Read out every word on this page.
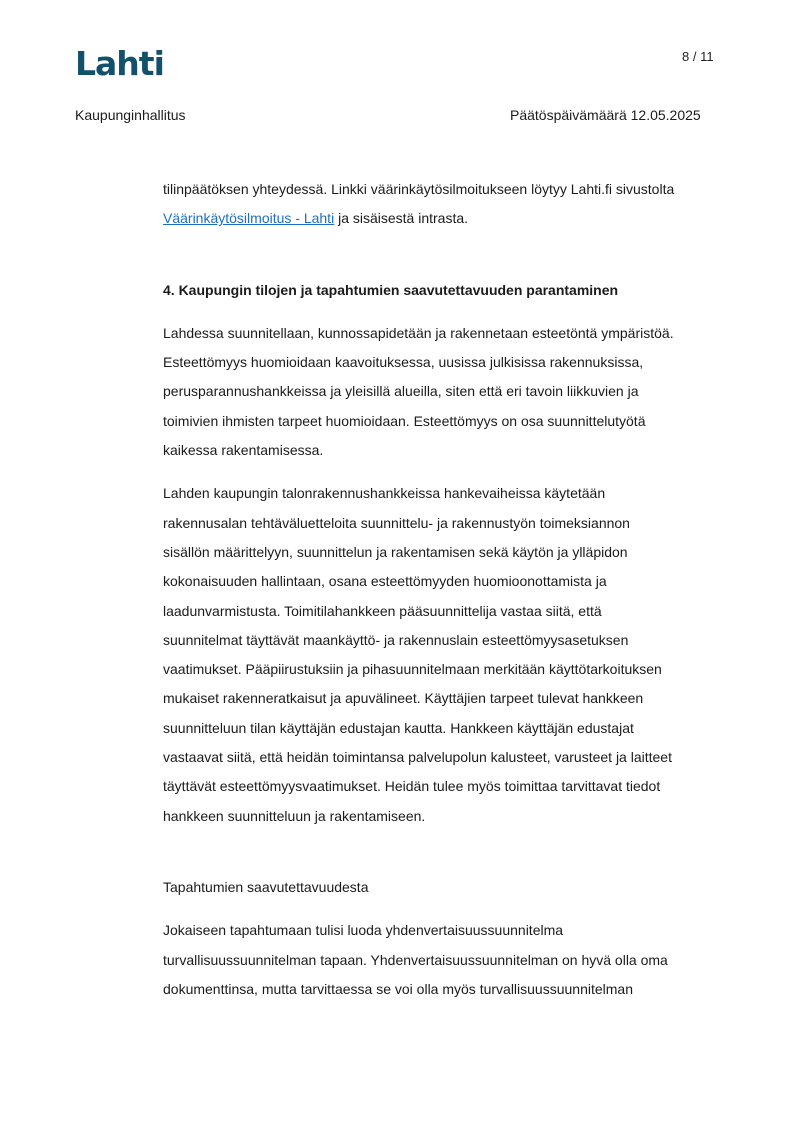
Lahti	8 / 11
Kaupunginhallitus	Päätöspäivämäärä 12.05.2025

tilinpäätöksen yhteydessä. Linkki väärinkäytösilmoitukseen löytyy Lahti.fi sivustolta

Väärinkäytösilmoitus - Lahti ja sisäisestä intrasta.

4. Kaupungin tilojen ja tapahtumien saavutettavuuden parantaminen

Lahdessa suunnitellaan, kunnossapidetään ja rakennetaan esteetöntä ympäristöä.

Esteettömyys huomioidaan kaavoituksessa, uusissa julkisissa rakennuksissa,

perusparannushankkeissa ja yleisillä alueilla, siten että eri tavoin liikkuvien ja

toimivien ihmisten tarpeet huomioidaan. Esteettömyys on osa suunnittelutyötä

kaikessa rakentamisessa.

Lahden kaupungin talonrakennushankkeissa hankevaiheissa käytetään

rakennusalan tehtäväluetteloita suunnittelu- ja rakennustyön toimeksiannon

sisällön määrittelyyn, suunnittelun ja rakentamisen sekä käytön ja ylläpidon

kokonaisuuden hallintaan, osana esteettömyyden huomioonottamista ja

laadunvarmistusta. Toimitilahankkeen pääsuunnittelija vastaa siitä, että

suunnitelmat täyttävät maankäyttö- ja rakennuslain esteettömyysasetuksen

vaatimukset. Pääpiirustuksiin ja pihasuunnitelmaan merkitään käyttötarkoituksen

mukaiset rakenneratkaisut ja apuvälineet. Käyttäjien tarpeet tulevat hankkeen

suunnitteluun tilan käyttäjän edustajan kautta. Hankkeen käyttäjän edustajat

vastaavat siitä, että heidän toimintansa palvelupolun kalusteet, varusteet ja laitteet

täyttävät esteettömyysvaatimukset. Heidän tulee myös toimittaa tarvittavat tiedot

hankkeen suunnitteluun ja rakentamiseen.

Tapahtumien saavutettavuudesta

Jokaiseen tapahtumaan tulisi luoda yhdenvertaisuussuunnitelma

turvallisuussuunnitelman tapaan. Yhdenvertaisuussuunnitelman on hyvä olla oma

dokumenttinsa, mutta tarvittaessa se voi olla myös turvallisuussuunnitelman
